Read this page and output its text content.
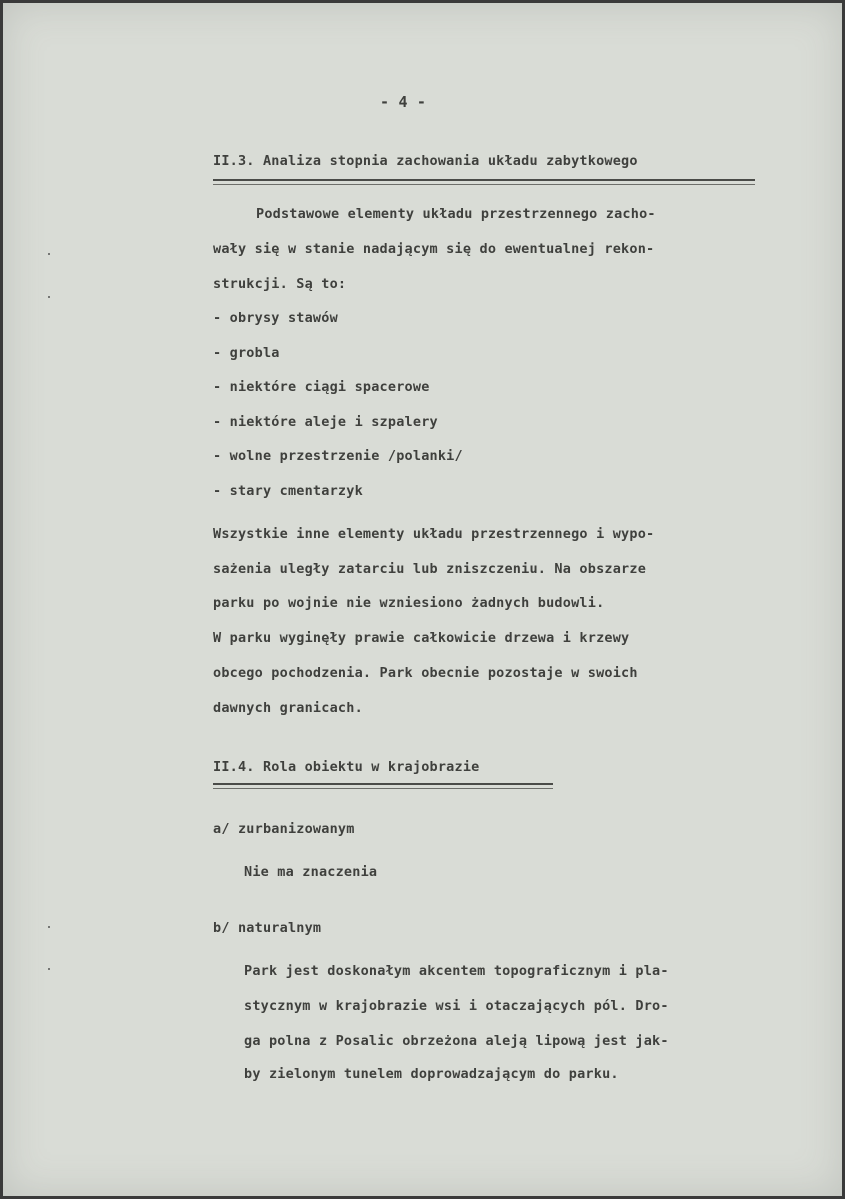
- 4 -

II.3. Analiza stopnia zachowania układu zabytkowego

Podstawowe elementy układu przestrzennego zacho-

wały się w stanie nadającym się do ewentualnej rekon-

strukcji. Są to:

- obrysy stawów

- grobla

- niektóre ciągi spacerowe

- niektóre aleje i szpalery

- wolne przestrzenie /polanki/

- stary cmentarzyk

Wszystkie inne elementy układu przestrzennego i wypo-

sażenia uległy zatarciu lub zniszczeniu. Na obszarze

parku po wojnie nie wzniesiono żadnych budowli.

W parku wyginęły prawie całkowicie drzewa i krzewy

obcego pochodzenia. Park obecnie pozostaje w swoich

dawnych granicach.

II.4. Rola obiektu w krajobrazie

a/ zurbanizowanym

Nie ma znaczenia

b/ naturalnym

Park jest doskonałym akcentem topograficznym i pla-

stycznym w krajobrazie wsi i otaczających pól. Dro-

ga polna z Posalic obrzeżona aleją lipową jest jak-

by zielonym tunelem doprowadzającym do parku.
